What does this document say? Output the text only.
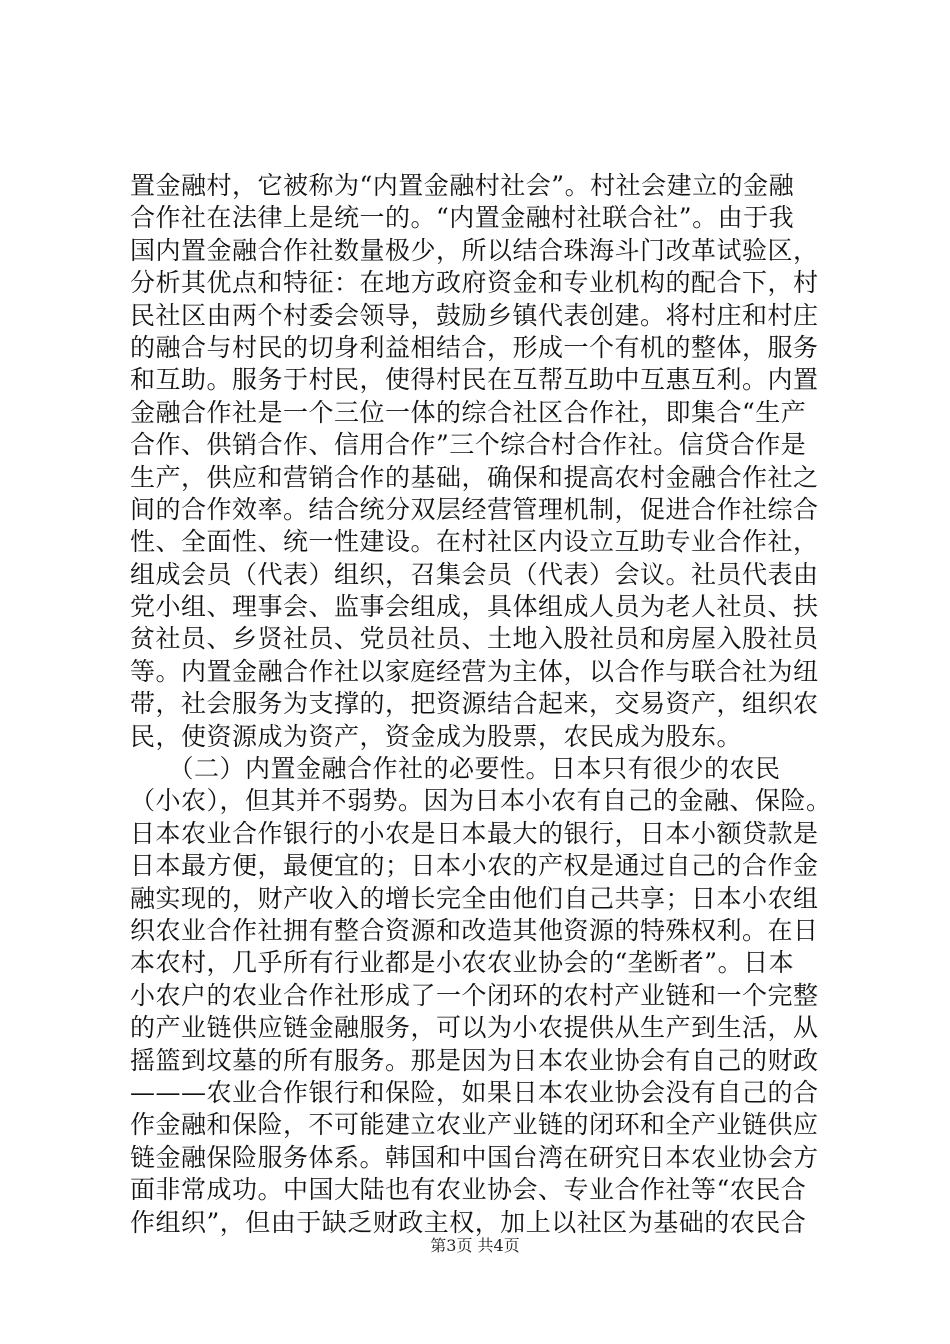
置金融村，它被称为“内置金融村社会”。村社会建立的金融
合作社在法律上是统一的。“内置金融村社联合社”。由于我
国内置金融合作社数量极少，所以结合珠海斗门改革试验区，
分析其优点和特征：在地方政府资金和专业机构的配合下，村
民社区由两个村委会领导，鼓励乡镇代表创建。将村庄和村庄
的融合与村民的切身利益相结合，形成一个有机的整体，服务
和互助。服务于村民，使得村民在互帮互助中互惠互利。内置
金融合作社是一个三位一体的综合社区合作社，即集合“生产
合作、供销合作、信用合作”三个综合村合作社。信贷合作是
生产，供应和营销合作的基础，确保和提高农村金融合作社之
间的合作效率。结合统分双层经营管理机制，促进合作社综合
性、全面性、统一性建设。在村社区内设立互助专业合作社，
组成会员（代表）组织，召集会员（代表）会议。社员代表由
党小组、理事会、监事会组成，具体组成人员为老人社员、扶
贫社员、乡贤社员、党员社员、土地入股社员和房屋入股社员
等。内置金融合作社以家庭经营为主体，以合作与联合社为纽
带，社会服务为支撑的，把资源结合起来，交易资产，组织农
民，使资源成为资产，资金成为股票，农民成为股东。
　　（二）内置金融合作社的必要性。日本只有很少的农民
（小农），但其并不弱势。因为日本小农有自己的金融、保险。
日本农业合作银行的小农是日本最大的银行，日本小额贷款是
日本最方便，最便宜的；日本小农的产权是通过自己的合作金
融实现的，财产收入的增长完全由他们自己共享；日本小农组
织农业合作社拥有整合资源和改造其他资源的特殊权利。在日
本农村，几乎所有行业都是小农农业协会的“垄断者”。日本
小农户的农业合作社形成了一个闭环的农村产业链和一个完整
的产业链供应链金融服务，可以为小农提供从生产到生活，从
摇篮到坟墓的所有服务。那是因为日本农业协会有自己的财政
———农业合作银行和保险，如果日本农业协会没有自己的合
作金融和保险，不可能建立农业产业链的闭环和全产业链供应
链金融保险服务体系。韩国和中国台湾在研究日本农业协会方
面非常成功。中国大陆也有农业协会、专业合作社等“农民合
作组织”，但由于缺乏财政主权，加上以社区为基础的农民合
第3页 共4页
